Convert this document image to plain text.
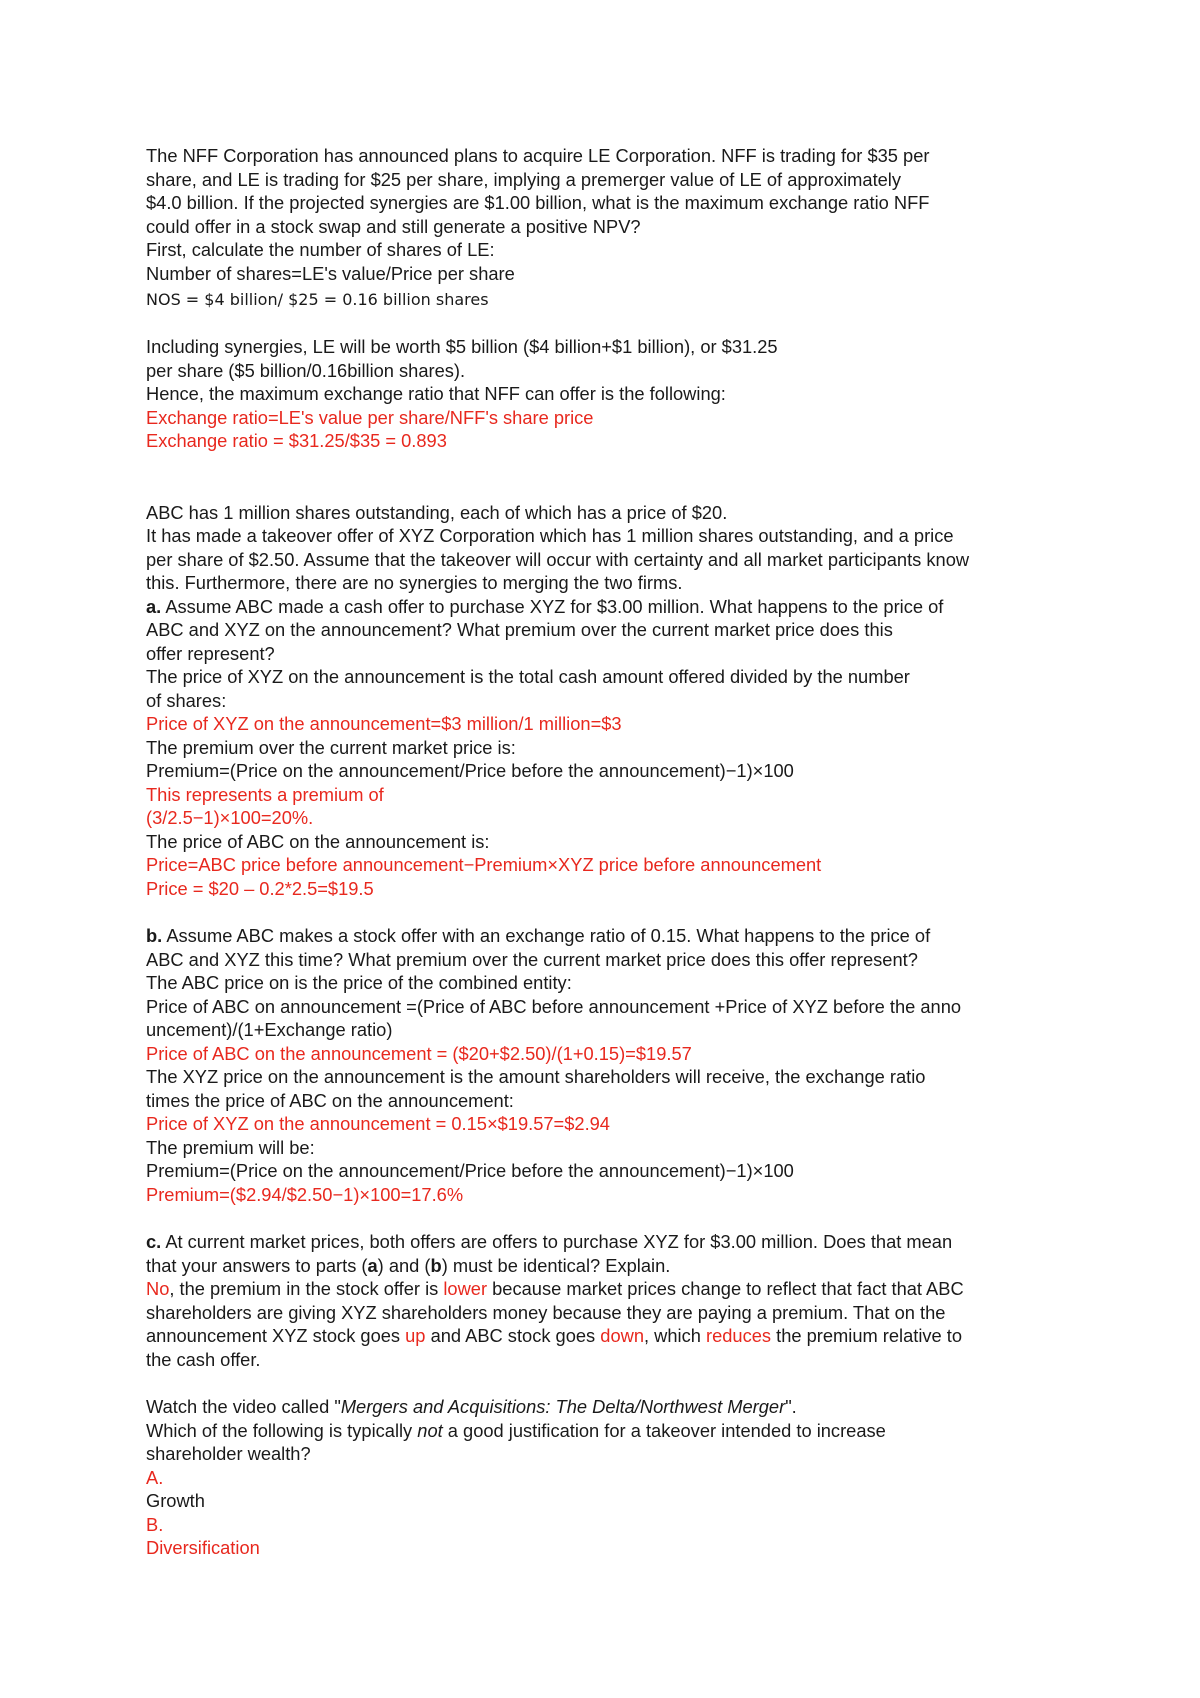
The NFF Corporation has announced plans to acquire LE Corporation. NFF is trading for $35 per

share, and LE is trading for $25 per share, implying a premerger value of LE of approximately

$4.0 billion. If the projected synergies are $1.00 billion, what is the maximum exchange ratio NFF

could offer in a stock swap and still generate a positive NPV?

First, calculate the number of shares of LE:

Number of shares=LE's value/Price per share

NOS = $4 billion/ $25 = 0.16 billion shares

Including synergies, LE will be worth $5 billion ($4 billion+$1 billion), or $31.25

per share ($5 billion/0.16billion shares).

Hence, the maximum exchange ratio that NFF can offer is the following:

Exchange ratio=LE's value per share/NFF's share price

Exchange ratio = $31.25/$35 = 0.893

ABC has 1 million shares outstanding, each of which has a price of $20.

It has made a takeover offer of XYZ Corporation which has 1 million shares outstanding, and a price

per share of $2.50. Assume that the takeover will occur with certainty and all market participants know

this. Furthermore, there are no synergies to merging the two firms.

a. Assume ABC made a cash offer to purchase XYZ for $3.00 million. What happens to the price of

ABC and XYZ on the announcement? What premium over the current market price does this

offer represent?

The price of XYZ on the announcement is the total cash amount offered divided by the number

of shares:

Price of XYZ on the announcement=$3 million/1 million=$3

The premium over the current market price is:

Premium=(Price on the announcement/Price before the announcement)−1)×100

This represents a premium of

(3/2.5−1)×100=20%.

The price of ABC on the announcement is:

Price=ABC price before announcement−Premium×XYZ price before announcement

Price = $20 – 0.2*2.5=$19.5

b. Assume ABC makes a stock offer with an exchange ratio of 0.15. What happens to the price of

ABC and XYZ this time? What premium over the current market price does this offer represent?

The ABC price on is the price of the combined entity:

Price of ABC on announcement =(Price of ABC before announcement +Price of XYZ before the anno

uncement)/(1+Exchange ratio)

Price of ABC on the announcement = ($20+$2.50)/(1+0.15)=$19.57

The XYZ price on the announcement is the amount shareholders will receive, the exchange ratio

times the price of ABC on the announcement:

Price of XYZ on the announcement = 0.15×$19.57=$2.94

The premium will be:

Premium=(Price on the announcement/Price before the announcement)−1)×100

Premium=($2.94/$2.50−1)×100=17.6%

c. At current market prices, both offers are offers to purchase XYZ for $3.00 million. Does that mean

that your answers to parts (a) and (b) must be identical? Explain.

No, the premium in the stock offer is lower because market prices change to reflect that fact that ABC

shareholders are giving XYZ shareholders money because they are paying a premium. That on the

announcement XYZ stock goes up and ABC stock goes down, which reduces the premium relative to

the cash offer.

Watch the video called "Mergers and Acquisitions: The Delta/Northwest Merger".

Which of the following is typically not a good justification for a takeover intended to increase

shareholder wealth?

A.

Growth

B.

Diversification
